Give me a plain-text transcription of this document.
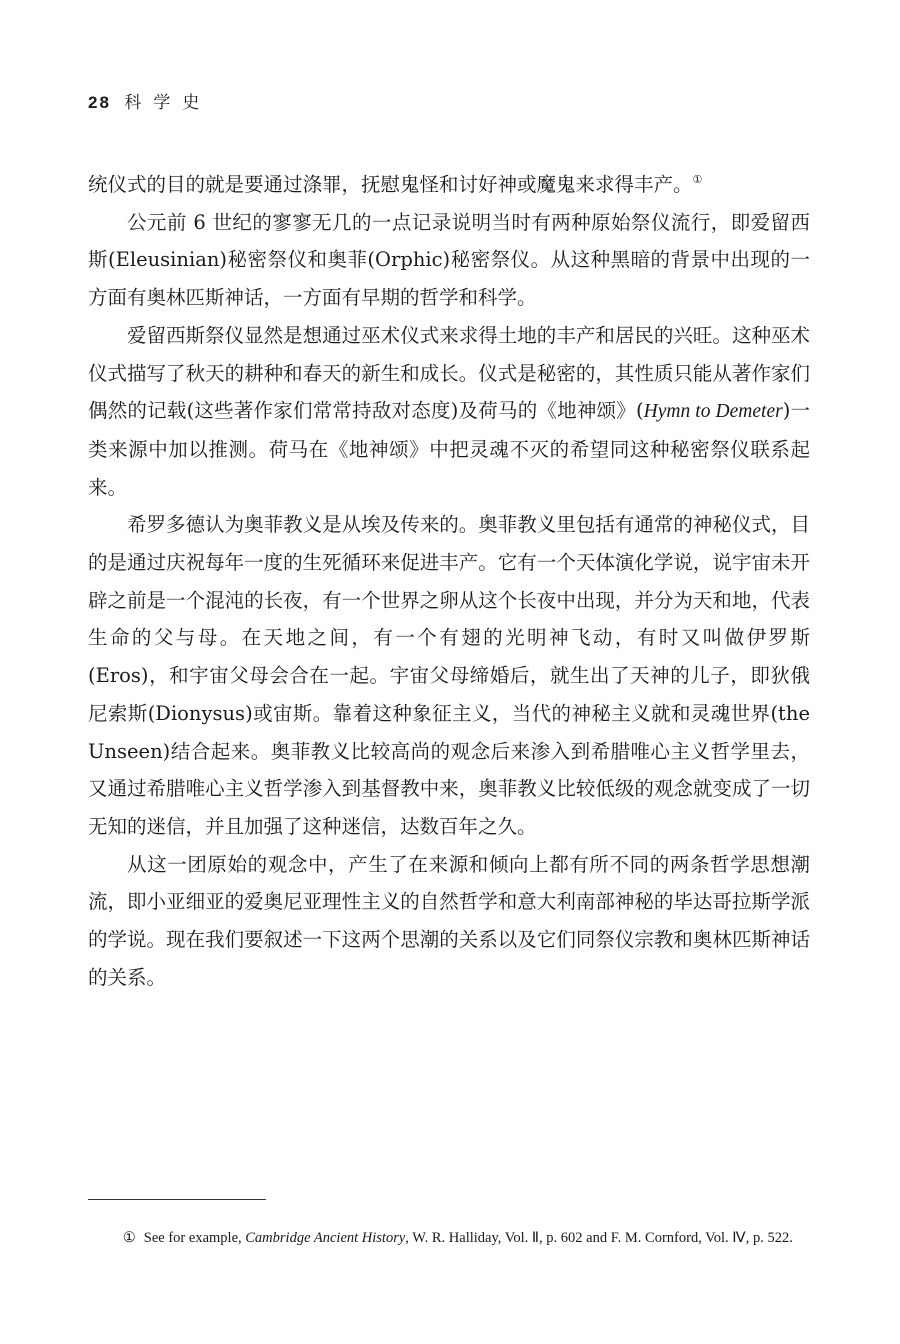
28 科学史

统仪式的目的就是要通过涤罪，抚慰鬼怪和讨好神或魔鬼来求得丰产。①

公元前 6 世纪的寥寥无几的一点记录说明当时有两种原始祭仪流行，即爱留西斯(Eleusinian)秘密祭仪和奥菲(Orphic)秘密祭仪。从这种黑暗的背景中出现的一方面有奥林匹斯神话，一方面有早期的哲学和科学。

爱留西斯祭仪显然是想通过巫术仪式来求得土地的丰产和居民的兴旺。这种巫术仪式描写了秋天的耕种和春天的新生和成长。仪式是秘密的，其性质只能从著作家们偶然的记载(这些著作家们常常持敌对态度)及荷马的《地神颂》(Hymn to Demeter)一类来源中加以推测。荷马在《地神颂》中把灵魂不灭的希望同这种秘密祭仪联系起来。

希罗多德认为奥菲教义是从埃及传来的。奥菲教义里包括有通常的神秘仪式，目的是通过庆祝每年一度的生死循环来促进丰产。它有一个天体演化学说，说宇宙未开辟之前是一个混沌的长夜，有一个世界之卵从这个长夜中出现，并分为天和地，代表生命的父与母。在天地之间，有一个有翅的光明神飞动，有时又叫做伊罗斯(Eros)，和宇宙父母会合在一起。宇宙父母缔婚后，就生出了天神的儿子，即狄俄尼索斯(Dionysus)或宙斯。靠着这种象征主义，当代的神秘主义就和灵魂世界(the Unseen)结合起来。奥菲教义比较高尚的观念后来渗入到希腊唯心主义哲学里去，又通过希腊唯心主义哲学渗入到基督教中来，奥菲教义比较低级的观念就变成了一切无知的迷信，并且加强了这种迷信，达数百年之久。

从这一团原始的观念中，产生了在来源和倾向上都有所不同的两条哲学思想潮流，即小亚细亚的爱奥尼亚理性主义的自然哲学和意大利南部神秘的毕达哥拉斯学派的学说。现在我们要叙述一下这两个思潮的关系以及它们同祭仪宗教和奥林匹斯神话的关系。

① See for example, Cambridge Ancient History, W. R. Halliday, Vol. Ⅱ, p. 602 and F. M. Cornford, Vol. Ⅳ, p. 522.
